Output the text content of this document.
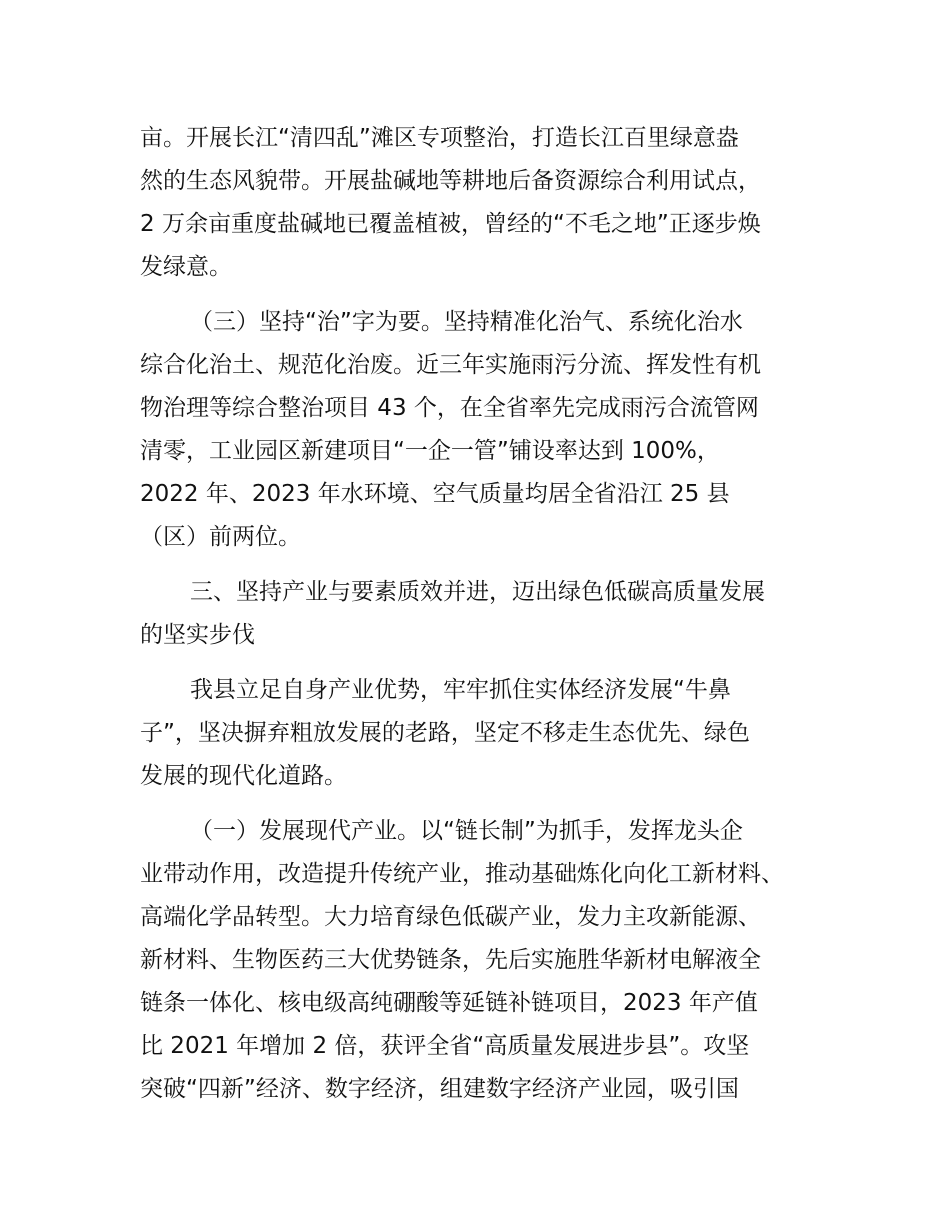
亩。开展长江“清四乱”滩区专项整治，打造长江百里绿意盎
然的生态风貌带。开展盐碱地等耕地后备资源综合利用试点，
2 万余亩重度盐碱地已覆盖植被，曾经的“不毛之地”正逐步焕
发绿意。
（三）坚持“治”字为要。坚持精准化治气、系统化治水
综合化治土、规范化治废。近三年实施雨污分流、挥发性有机
物治理等综合整治项目 43 个，在全省率先完成雨污合流管网
清零，工业园区新建项目“一企一管”铺设率达到 100%，
2022 年、2023 年水环境、空气质量均居全省沿江 25 县
（区）前两位。
三、坚持产业与要素质效并进，迈出绿色低碳高质量发展
的坚实步伐
我县立足自身产业优势，牢牢抓住实体经济发展“牛鼻
子”，坚决摒弃粗放发展的老路，坚定不移走生态优先、绿色
发展的现代化道路。
（一）发展现代产业。以“链长制”为抓手，发挥龙头企
业带动作用，改造提升传统产业，推动基础炼化向化工新材料、
高端化学品转型。大力培育绿色低碳产业，发力主攻新能源、
新材料、生物医药三大优势链条，先后实施胜华新材电解液全
链条一体化、核电级高纯硼酸等延链补链项目，2023 年产值
比 2021 年增加 2 倍，获评全省“高质量发展进步县”。攻坚
突破“四新”经济、数字经济，组建数字经济产业园，吸引国
